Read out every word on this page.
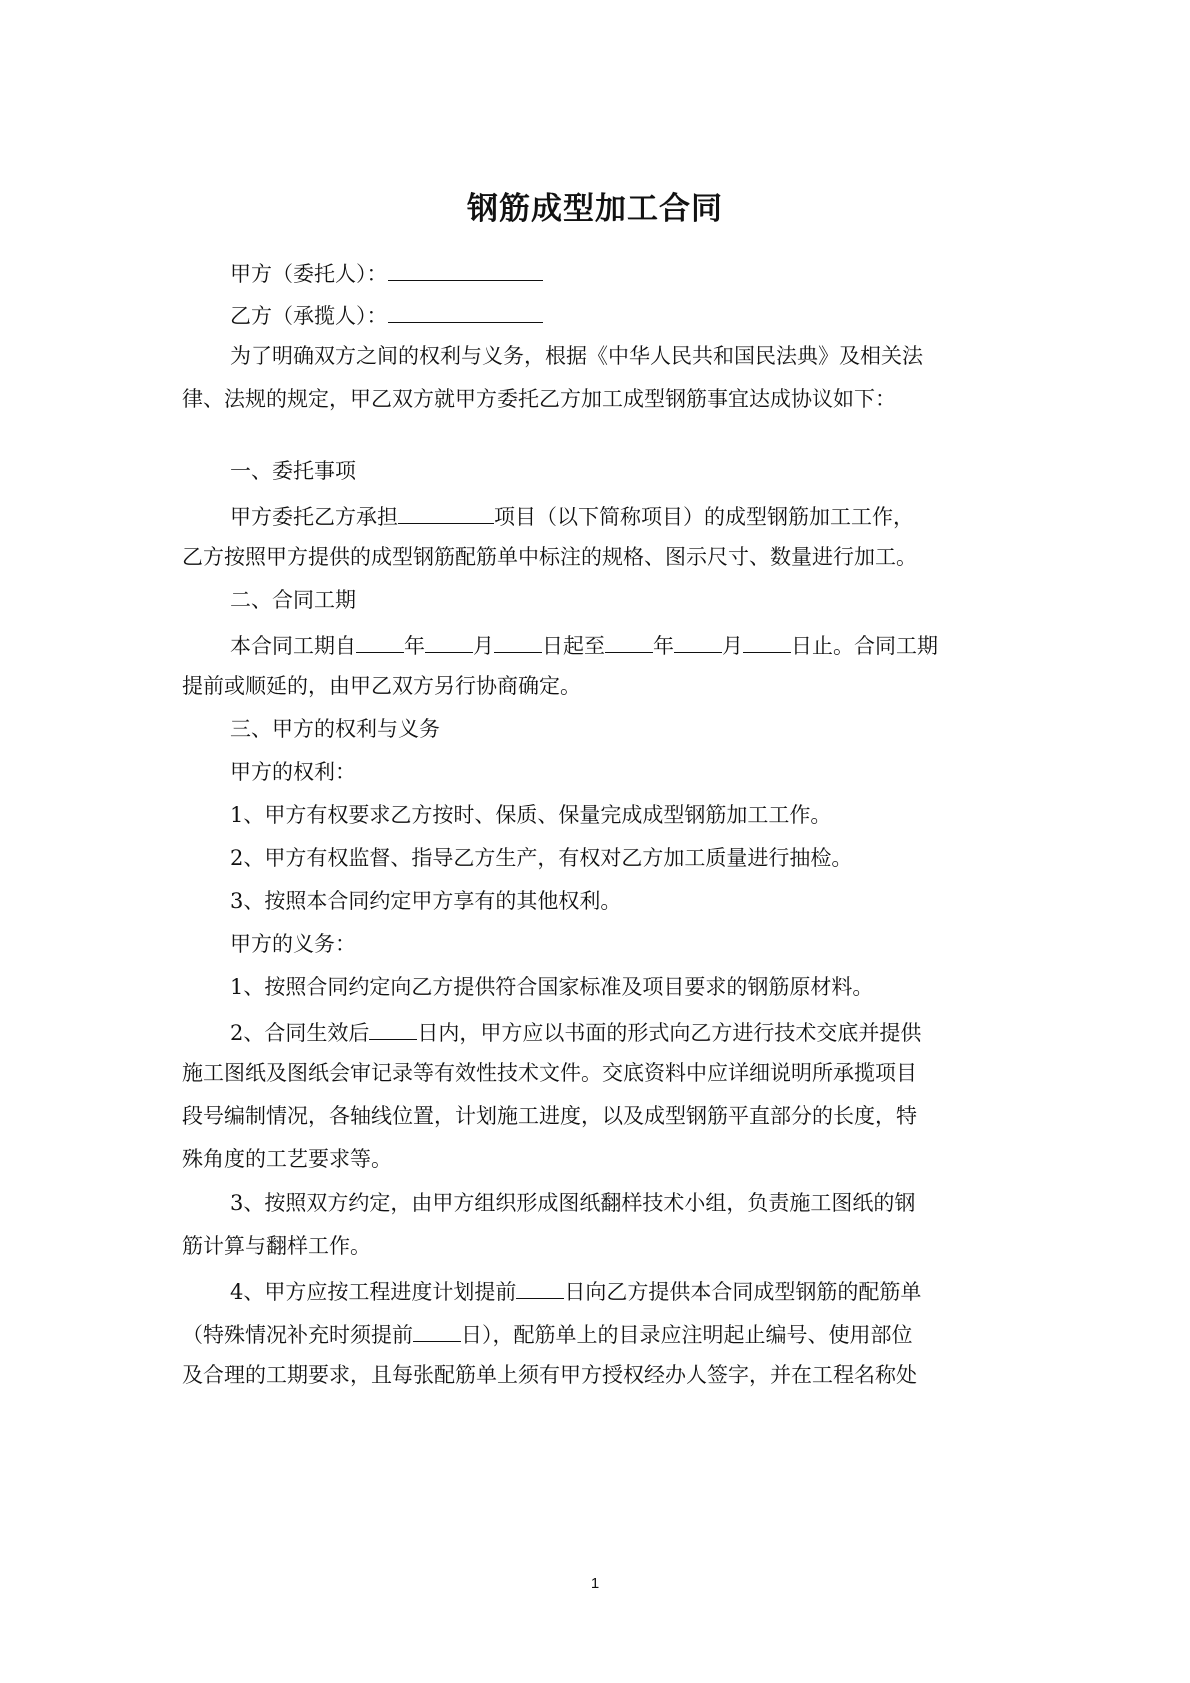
钢筋成型加工合同
甲方（委托人）：
乙方（承揽人）：
为了明确双方之间的权利与义务，根据《中华人民共和国民法典》及相关法
律、法规的规定，甲乙双方就甲方委托乙方加工成型钢筋事宜达成协议如下：
一、委托事项
甲方委托乙方承担	项目（以下简称项目）的成型钢筋加工工作，
乙方按照甲方提供的成型钢筋配筋单中标注的规格、图示尺寸、数量进行加工。
二、合同工期
本合同工期自 年 月 日起至 年 月 日止。合同工期
提前或顺延的，由甲乙双方另行协商确定。
三、甲方的权利与义务
甲方的权利：
1、甲方有权要求乙方按时、保质、保量完成成型钢筋加工工作。
2、甲方有权监督、指导乙方生产，有权对乙方加工质量进行抽检。
3、按照本合同约定甲方享有的其他权利。
甲方的义务：
1、按照合同约定向乙方提供符合国家标准及项目要求的钢筋原材料。
2、合同生效后 日内，甲方应以书面的形式向乙方进行技术交底并提供
施工图纸及图纸会审记录等有效性技术文件。交底资料中应详细说明所承揽项目
段号编制情况，各轴线位置，计划施工进度，以及成型钢筋平直部分的长度，特
殊角度的工艺要求等。
3、按照双方约定，由甲方组织形成图纸翻样技术小组，负责施工图纸的钢
筋计算与翻样工作。
4、甲方应按工程进度计划提前 日向乙方提供本合同成型钢筋的配筋单
（特殊情况补充时须提前 日），配筋单上的目录应注明起止编号、使用部位
及合理的工期要求，且每张配筋单上须有甲方授权经办人签字，并在工程名称处
1
